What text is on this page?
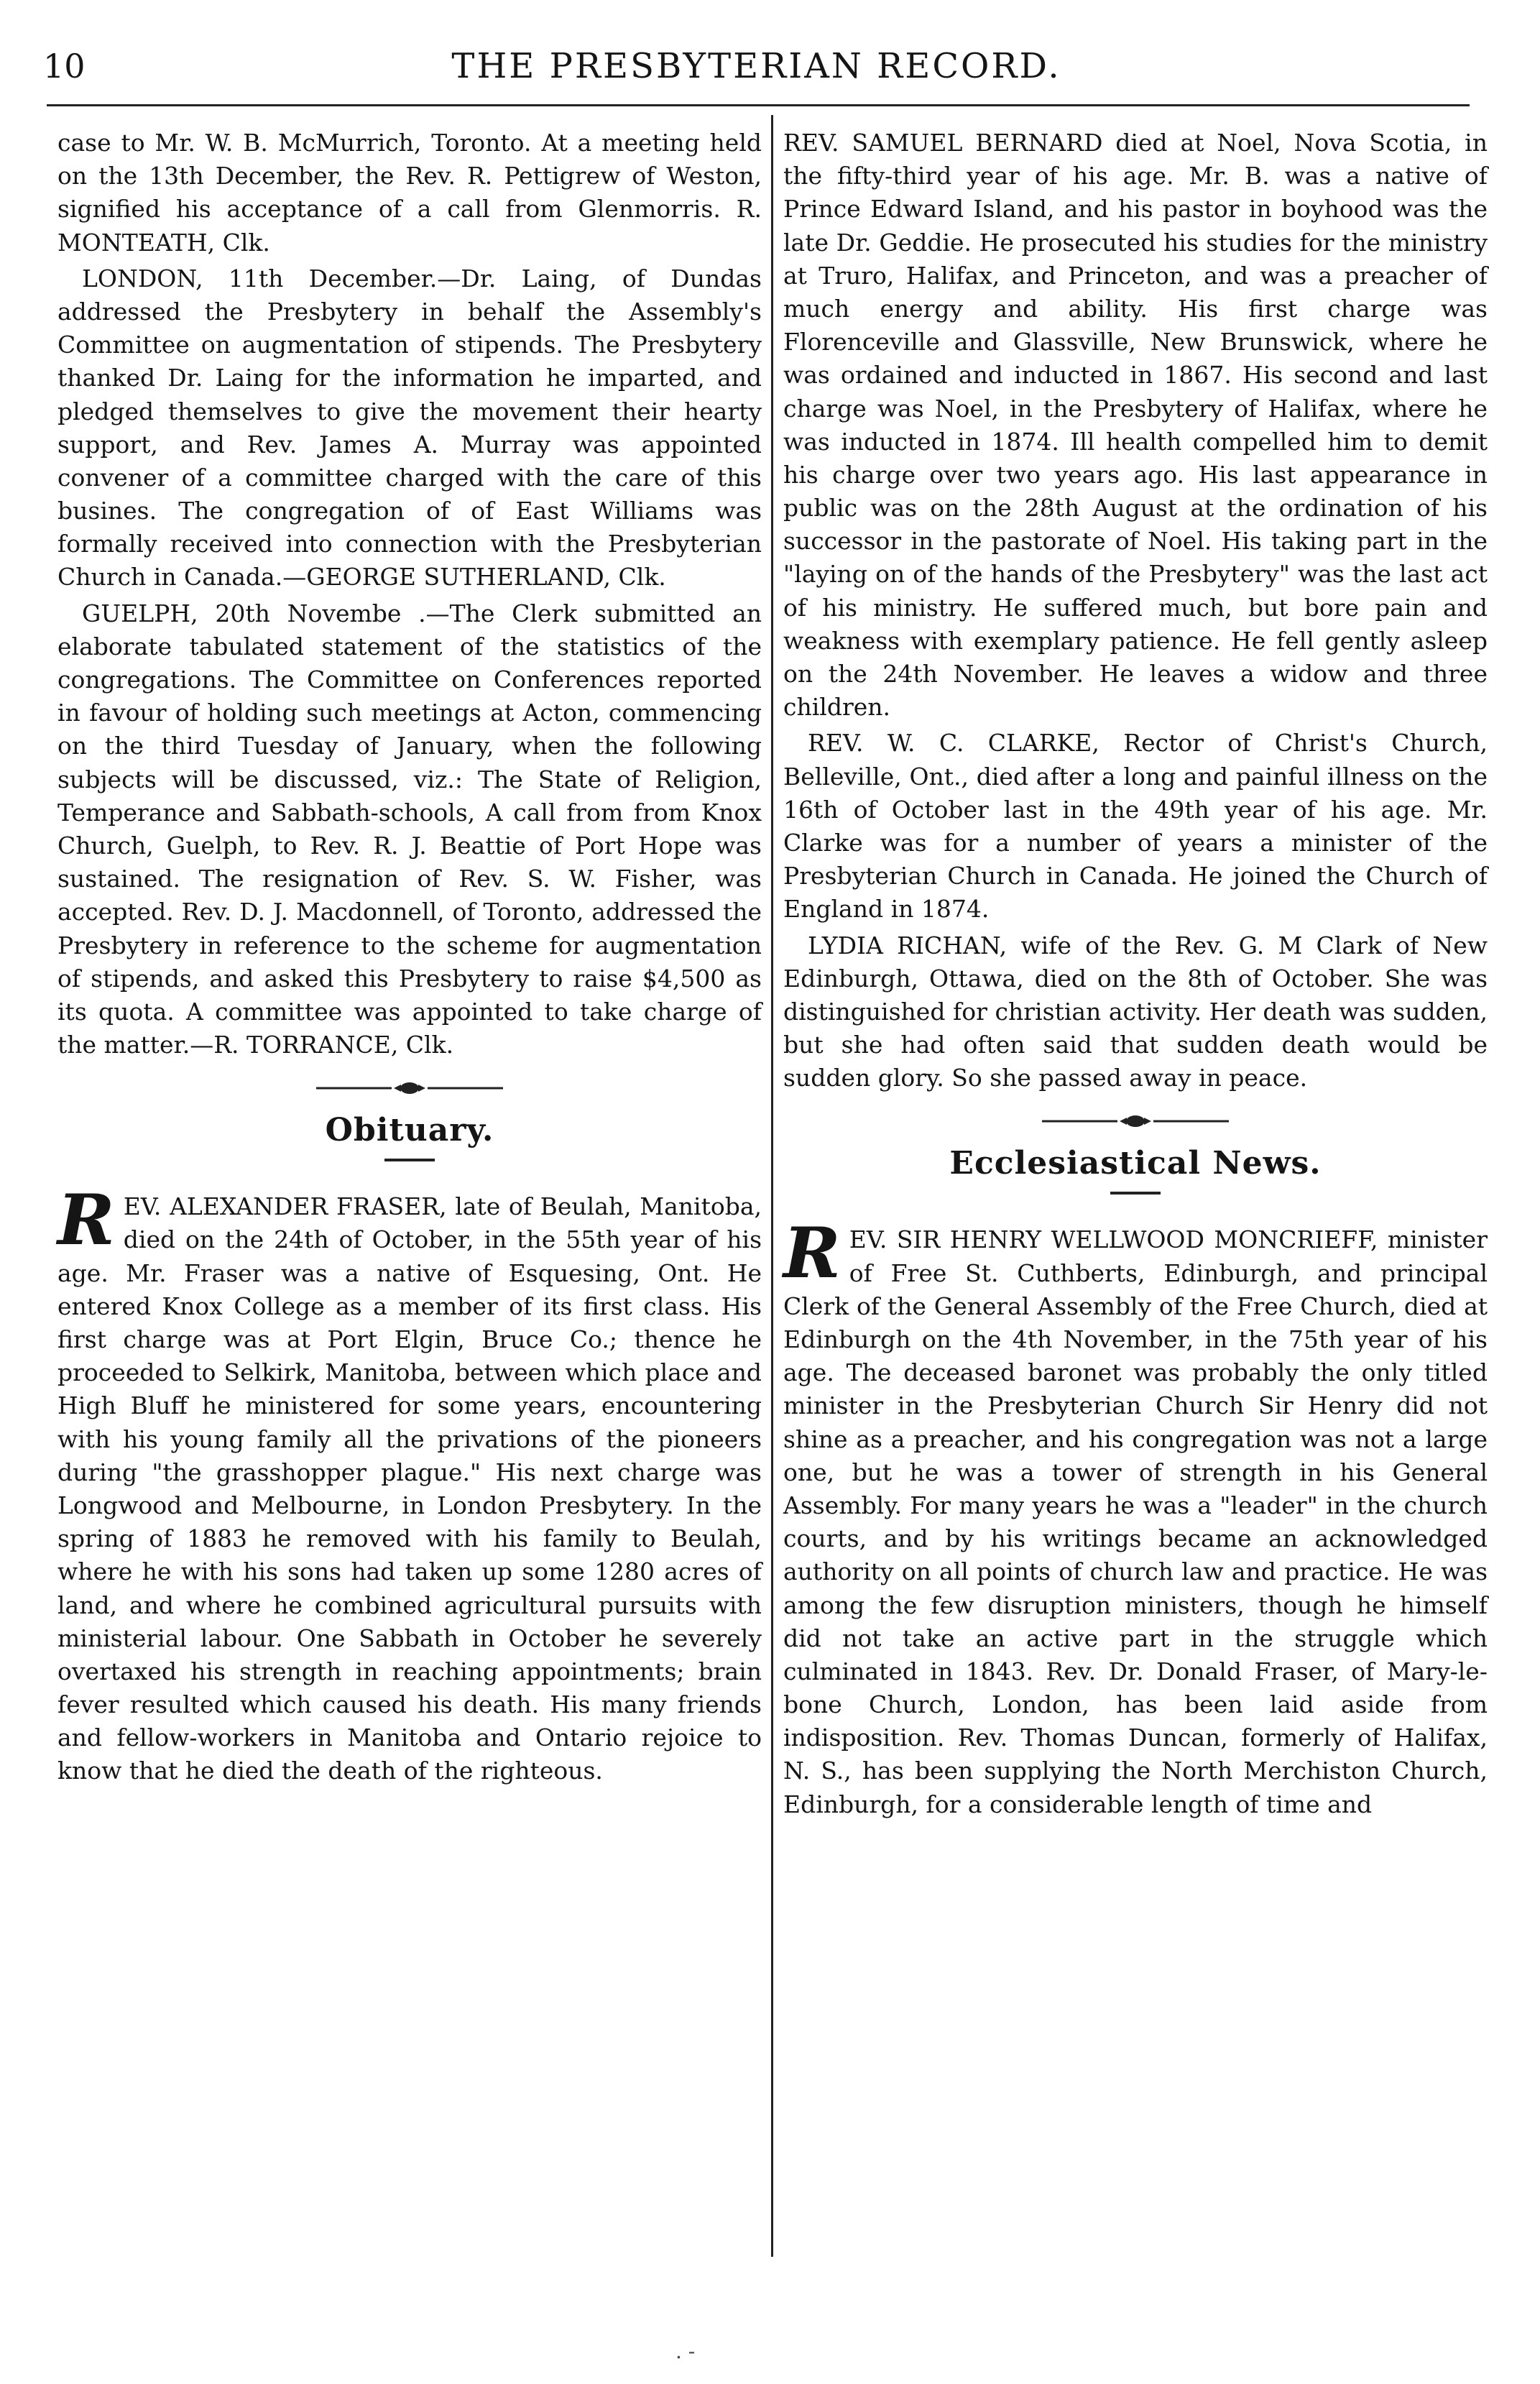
10	THE PRESBYTERIAN RECORD.

case to Mr. W. B. McMurrich, Toronto. At a meeting held on the 13th December, the Rev. R. Pettigrew of Weston, signified his acceptance of a call from Glenmorris. R. MONTEATH, Clk.

LONDON, 11th December.—Dr. Laing, of Dundas addressed the Presbytery in behalf the Assembly's Committee on augmentation of stipends. The Presbytery thanked Dr. Laing for the information he imparted, and pledged themselves to give the movement their hearty support, and Rev. James A. Murray was appointed convener of a committee charged with the care of this busines. The congregation of of East Williams was formally received into connection with the Presbyterian Church in Canada.—GEORGE SUTHERLAND, Clk.

GUELPH, 20th Novembe .—The Clerk submitted an elaborate tabulated statement of the statistics of the congregations. The Committee on Conferences reported in favour of holding such meetings at Acton, commencing on the third Tuesday of January, when the following subjects will be discussed, viz.: The State of Religion, Temperance and Sabbath-schools, A call from from Knox Church, Guelph, to Rev. R. J. Beattie of Port Hope was sustained. The resignation of Rev. S. W. Fisher, was accepted. Rev. D. J. Macdonnell, of Toronto, addressed the Presbytery in reference to the scheme for augmentation of stipends, and asked this Presbytery to raise $4,500 as its quota. A committee was appointed to take charge of the matter.—R. TORRANCE, Clk.

Obituary.

REV. ALEXANDER FRASER, late of Beulah, Manitoba, died on the 24th of October, in the 55th year of his age. Mr. Fraser was a native of Esquesing, Ont. He entered Knox College as a member of its first class. His first charge was at Port Elgin, Bruce Co.; thence he proceeded to Selkirk, Manitoba, between which place and High Bluff he ministered for some years, encountering with his young family all the privations of the pioneers during "the grasshopper plague." His next charge was Longwood and Melbourne, in London Presbytery. In the spring of 1883 he removed with his family to Beulah, where he with his sons had taken up some 1280 acres of land, and where he combined agricultural pursuits with ministerial labour. One Sabbath in October he severely overtaxed his strength in reaching appointments; brain fever resulted which caused his death. His many friends and fellow-workers in Manitoba and Ontario rejoice to know that he died the death of the righteous.

REV. SAMUEL BERNARD died at Noel, Nova Scotia, in the fifty-third year of his age. Mr. B. was a native of Prince Edward Island, and his pastor in boyhood was the late Dr. Geddie. He prosecuted his studies for the ministry at Truro, Halifax, and Princeton, and was a preacher of much energy and ability. His first charge was Florenceville and Glassville, New Brunswick, where he was ordained and inducted in 1867. His second and last charge was Noel, in the Presbytery of Halifax, where he was inducted in 1874. Ill health compelled him to demit his charge over two years ago. His last appearance in public was on the 28th August at the ordination of his successor in the pastorate of Noel. His taking part in the "laying on of the hands of the Presbytery" was the last act of his ministry. He suffered much, but bore pain and weakness with exemplary patience. He fell gently asleep on the 24th November. He leaves a widow and three children.

REV. W. C. CLARKE, Rector of Christ's Church, Belleville, Ont., died after a long and painful illness on the 16th of October last in the 49th year of his age. Mr. Clarke was for a number of years a minister of the Presbyterian Church in Canada. He joined the Church of England in 1874.

LYDIA RICHAN, wife of the Rev. G. M Clark of New Edinburgh, Ottawa, died on the 8th of October. She was distinguished for christian activity. Her death was sudden, but she had often said that sudden death would be sudden glory. So she passed away in peace.

Ecclesiastical News.

REV. SIR HENRY WELLWOOD MONCRIEFF, minister of Free St. Cuthberts, Edinburgh, and principal Clerk of the General Assembly of the Free Church, died at Edinburgh on the 4th November, in the 75th year of his age. The deceased baronet was probably the only titled minister in the Presbyterian Church Sir Henry did not shine as a preacher, and his congregation was not a large one, but he was a tower of strength in his General Assembly. For many years he was a "leader" in the church courts, and by his writings became an acknowledged authority on all points of church law and practice. He was among the few disruption ministers, though he himself did not take an active part in the struggle which culminated in 1843. Rev. Dr. Donald Fraser, of Mary-le-bone Church, London, has been laid aside from indisposition. Rev. Thomas Duncan, formerly of Halifax, N. S., has been supplying the North Merchiston Church, Edinburgh, for a considerable length of time and

. -
